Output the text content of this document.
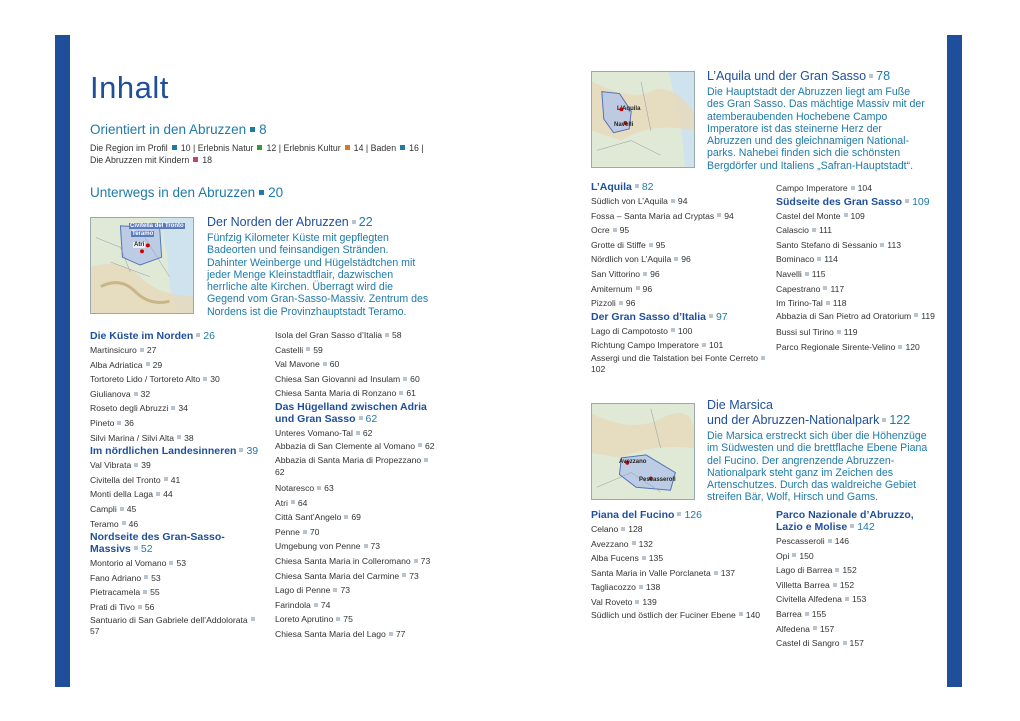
Inhalt
Orientiert in den Abruzzen 8
Die Region im Profil 10 | Erlebnis Natur 12 | Erlebnis Kultur 14 | Baden 16 |
Die Abruzzen mit Kindern 18
Unterwegs in den Abruzzen 20
Civitella del Tronto
Teramo
Atri
Der Norden der Abruzzen 22
Fünfzig Kilometer Küste mit gepflegten Badeorten und feinsandigen Stränden. Dahinter Weinberge und Hügelstädtchen mit jeder Menge Kleinstadtflair, dazwischen herrliche alte Kirchen. Überragt wird die Gegend vom Gran-Sasso-Massiv. Zentrum des Nordens ist die Provinzhauptstadt Teramo.
L'Aquila
Navelli
L’Aquila und der Gran Sasso 78
Die Hauptstadt der Abruzzen liegt am Fuße des Gran Sasso. Das mächtige Massiv mit der atemberaubenden Hochebene Campo Imperatore ist das steinerne Herz der Abruzzen und des gleichnamigen Nationalparks. Nahebei finden sich die schönsten Bergdörfer und Italiens „Safran-Hauptstadt“.
Avezzano
Pescasseroli
Die Marsica
und der Abruzzen-Nationalpark 122
Die Marsica erstreckt sich über die Höhenzüge im Südwesten und die brettflache Ebene Piana del Fucino. Der angrenzende Abruzzen-Nationalpark steht ganz im Zeichen des Artenschutzes. Durch das waldreiche Gebiet streifen Bär, Wolf, Hirsch und Gams.
Die Küste im Norden 26
Martinsicuro 27
Alba Adriatica 29
Tortoreto Lido / Tortoreto Alto 30
Giulianova 32
Roseto degli Abruzzi 34
Pineto 36
Silvi Marina / Silvi Alta 38
Im nördlichen Landesinneren 39
Val Vibrata 39
Civitella del Tronto 41
Monti della Laga 44
Campli 45
Teramo 46
Nordseite des Gran-Sasso-Massivs 52
Montorio al Vomano 53
Fano Adriano 53
Pietracamela 55
Prati di Tivo 56
Santuario di San Gabriele dell’Addolorata57
Isola del Gran Sasso d’Italia 58
Castelli 59
Val Mavone 60
Chiesa San Giovanni ad Insulam 60
Chiesa Santa Maria di Ronzano 61
Das Hügelland zwischen Adria und Gran Sasso 62
Unteres Vomano-Tal 62
Abbazia di San Clemente al Vomano 62
Abbazia di Santa Maria di Propezzano62
Notaresco 63
Atri 64
Città Sant’Angelo 69
Penne 70
Umgebung von Penne 73
Chiesa Santa Maria in Colleromano 73
Chiesa Santa Maria del Carmine 73
Lago di Penne 73
Farindola 74
Loreto Aprutino 75
Chiesa Santa Maria del Lago 77
L’Aquila 82
Südlich von L’Aquila 94
Fossa – Santa Maria ad Cryptas 94
Ocre 95
Grotte di Stiffe 95
Nördlich von L’Aquila 96
San Vittorino 96
Amiternum 96
Pizzoli 96
Der Gran Sasso d’Italia 97
Lago di Campotosto 100
Richtung Campo Imperatore 101
Assergi und die Talstation bei Fonte Cerreto102
Campo Imperatore 104
Südseite des Gran Sasso 109
Castel del Monte 109
Calascio 111
Santo Stefano di Sessanio 113
Bominaco 114
Navelli 115
Capestrano 117
Im Tirino-Tal 118
Abbazia di San Pietro ad Oratorium 119
Bussi sul Tirino 119
Parco Regionale Sirente-Velino 120
Piana del Fucino 126
Celano 128
Avezzano 132
Alba Fucens 135
Santa Maria in Valle Porclaneta 137
Tagliacozzo 138
Val Roveto 139
Südlich und östlich der Fuciner Ebene 140
Parco Nazionale d’Abruzzo, Lazio e Molise 142
Pescasseroli 146
Opi 150
Lago di Barrea 152
Villetta Barrea 152
Civitella Alfedena 153
Barrea 155
Alfedena 157
Castel di Sangro 157
